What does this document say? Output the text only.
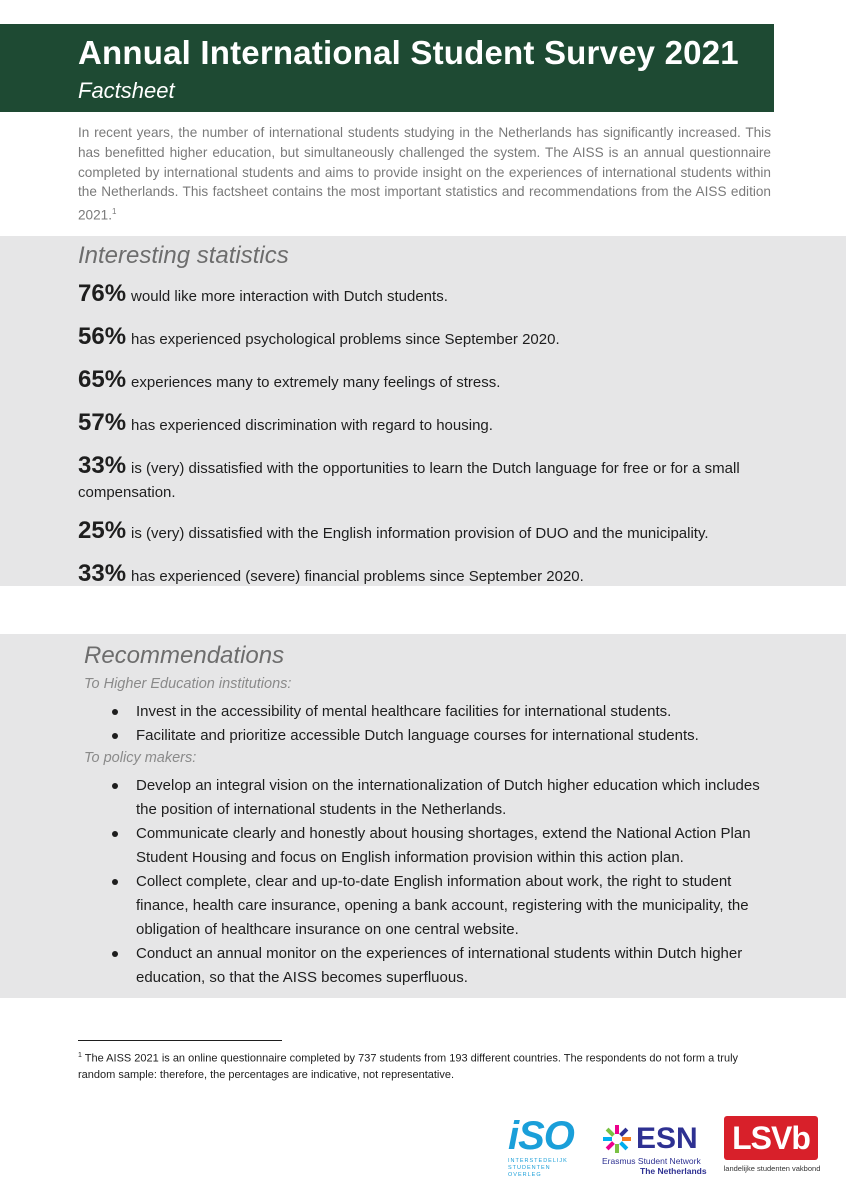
Annual International Student Survey 2021
Factsheet
In recent years, the number of international students studying in the Netherlands has significantly increased. This has benefitted higher education, but simultaneously challenged the system. The AISS is an annual questionnaire completed by international students and aims to provide insight on the experiences of international students within the Netherlands. This factsheet contains the most important statistics and recommendations from the AISS edition 2021.$^1$
Interesting statistics
76% would like more interaction with Dutch students.
56% has experienced psychological problems since September 2020.
65% experiences many to extremely many feelings of stress.
57% has experienced discrimination with regard to housing.
33% is (very) dissatisfied with the opportunities to learn the Dutch language for free or for a small compensation.
25% is (very) dissatisfied with the English information provision of DUO and the municipality.
33% has experienced (severe) financial problems since September 2020.
Recommendations
To Higher Education institutions:
Invest in the accessibility of mental healthcare facilities for international students.
Facilitate and prioritize accessible Dutch language courses for international students.
To policy makers:
Develop an integral vision on the internationalization of Dutch higher education which includes the position of international students in the Netherlands.
Communicate clearly and honestly about housing shortages, extend the National Action Plan Student Housing and focus on English information provision within this action plan.
Collect complete, clear and up-to-date English information about work, the right to student finance, health care insurance, opening a bank account, registering with the municipality, the obligation of healthcare insurance on one central website.
Conduct an annual monitor on the experiences of international students within Dutch higher education, so that the AISS becomes superfluous.
$^1$ The AISS 2021 is an online questionnaire completed by 737 students from 193 different countries. The respondents do not form a truly random sample: therefore, the percentages are indicative, not representative.
iSO
INTERSTEDELIJK STUDENTEN OVERLEG
ESN
Erasmus Student Network
The Netherlands
LSVb
landelijke studenten vakbond
